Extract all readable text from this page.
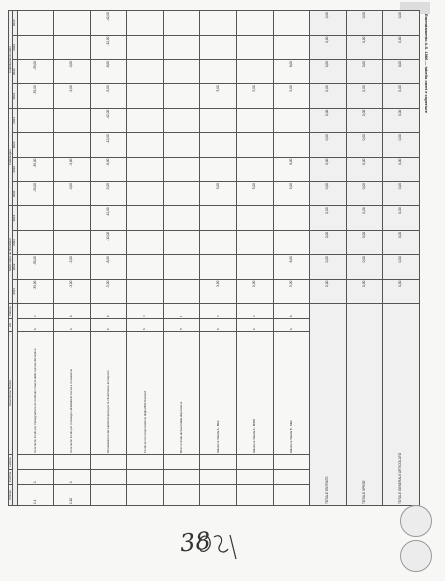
Emendamento A.S. 1866 — tabella oneri e coperture
Articolo	Comma	Lettera	Descrizione Norma	e/s	Natura	Saldo netto da finanziare				Fabbisogno				Indebitamento netto			
						2021	2022	2023	2024	2021	2022	2023	2024	2021	2022	2023	2024
1.1	1		Incremento Fondo per l'assegnazione di contributi in favore delle imprese del settore	s	c	-35,00	-35,00			-35,00	-35,00			-35,00	-35,00		
1.10	1		Incremento Fondo per il sostegno all'attività di ricerca e innovazione	s	k	-3,00	-3,00			-3,00	-3,00			-3,00	-3,00		
			Rimodulazione dei capitoli di spesa per le infrastrutture di trasporto	s	k	-5,00	-8,00	-12,00	-42,00	-5,00	-8,00	-12,00	-42,00	-5,00	-8,00	-12,00	-42,00
			Fondo per la compensazione degli effetti finanziari	s	c												
			Minori entrate derivanti dalla disposizione	e	t												
			Riduzione Tabella A - MEF	s	c	3,00				3,00				3,00			
			Riduzione Tabella A - MIMS	s	c	5,00				5,00				5,00			
			Riduzione Tabella B - MEF	s	k	5,00	8,00			5,00	8,00			5,00	8,00		
TOTALE ENTRATE						0,00	0,00	0,00	0,00	0,00	0,00	0,00	0,00	0,00	0,00	0,00	0,00
TOTALE SPESE						0,00	0,00	0,00	0,00	0,00	0,00	0,00	0,00	0,00	0,00	0,00	0,00
TOTALE GENERALE ARTICOLATO						0,00	0,00	0,00	0,00	0,00	0,00	0,00	0,00	0,00	0,00	0,00	0,00
38
